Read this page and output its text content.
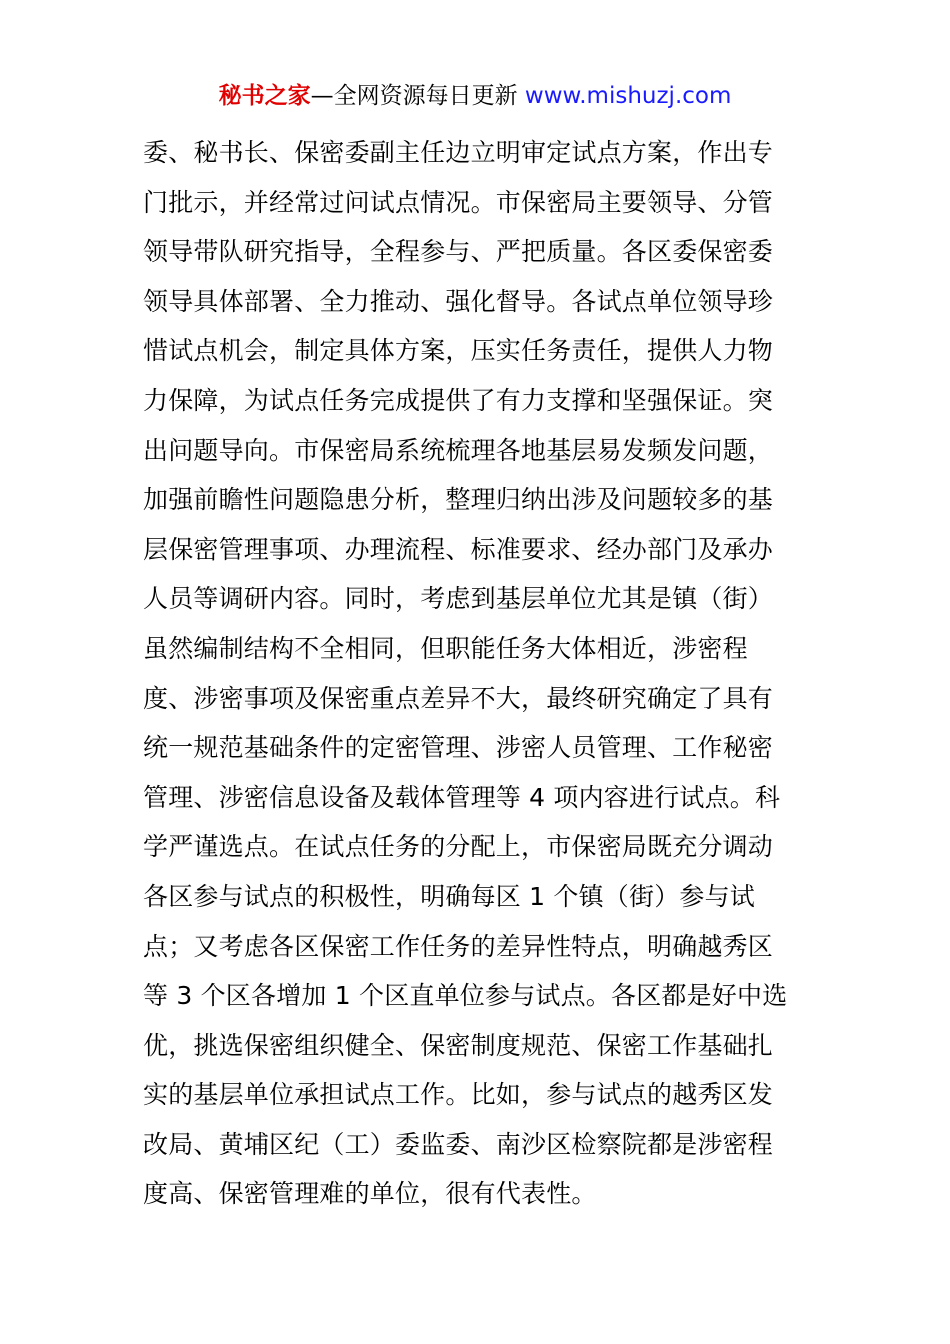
秘书之家—全网资源每日更新 www.mishuzj.com
委、秘书长、保密委副主任边立明审定试点方案，作出专
门批示，并经常过问试点情况。市保密局主要领导、分管
领导带队研究指导，全程参与、严把质量。各区委保密委
领导具体部署、全力推动、强化督导。各试点单位领导珍
惜试点机会，制定具体方案，压实任务责任，提供人力物
力保障，为试点任务完成提供了有力支撑和坚强保证。突
出问题导向。市保密局系统梳理各地基层易发频发问题，
加强前瞻性问题隐患分析，整理归纳出涉及问题较多的基
层保密管理事项、办理流程、标准要求、经办部门及承办
人员等调研内容。同时，考虑到基层单位尤其是镇（街）
虽然编制结构不全相同，但职能任务大体相近，涉密程
度、涉密事项及保密重点差异不大，最终研究确定了具有
统一规范基础条件的定密管理、涉密人员管理、工作秘密
管理、涉密信息设备及载体管理等 4 项内容进行试点。科
学严谨选点。在试点任务的分配上，市保密局既充分调动
各区参与试点的积极性，明确每区 1 个镇（街）参与试
点；又考虑各区保密工作任务的差异性特点，明确越秀区
等 3 个区各增加 1 个区直单位参与试点。各区都是好中选
优，挑选保密组织健全、保密制度规范、保密工作基础扎
实的基层单位承担试点工作。比如，参与试点的越秀区发
改局、黄埔区纪（工）委监委、南沙区检察院都是涉密程
度高、保密管理难的单位，很有代表性。
